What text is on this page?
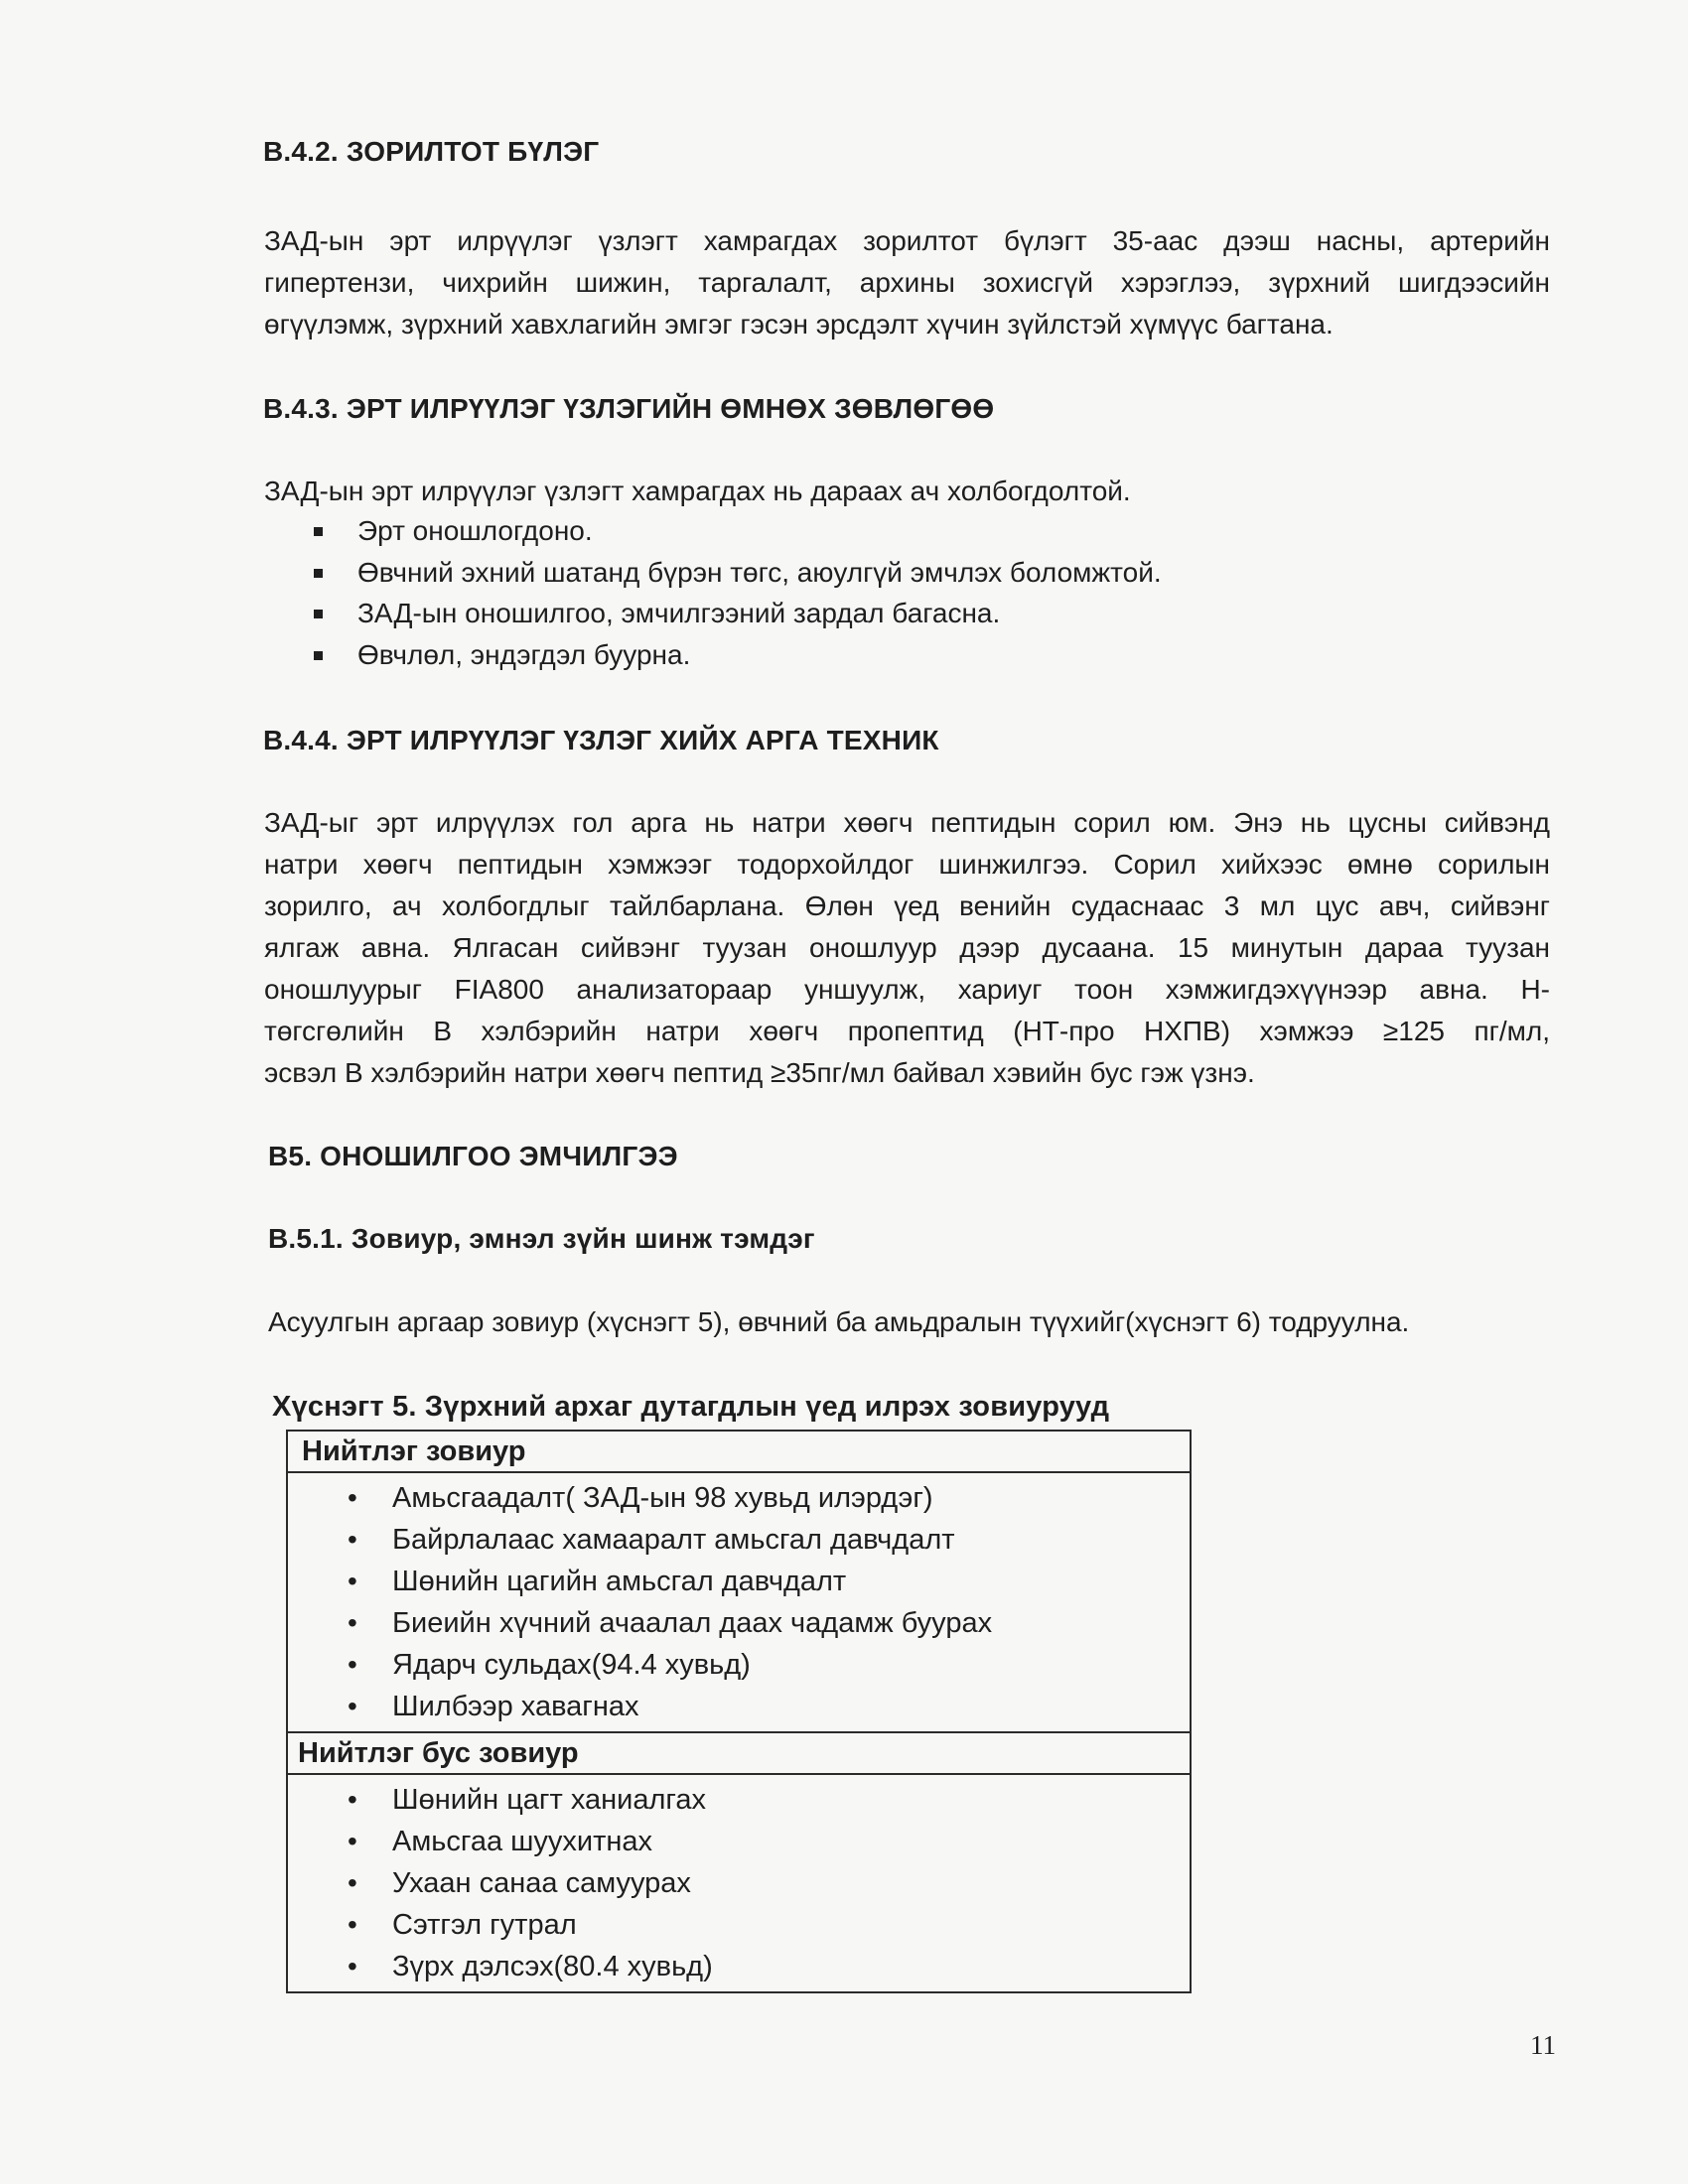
В.4.2. ЗОРИЛТОТ БҮЛЭГ
ЗАД-ын эрт илрүүлэг үзлэгт хамрагдах зорилтот бүлэгт 35-аас дээш насны, артерийн
гипертензи, чихрийн шижин, таргалалт, архины зохисгүй хэрэглээ, зүрхний шигдээсийн
өгүүлэмж, зүрхний хавхлагийн эмгэг гэсэн эрсдэлт хүчин зүйлстэй хүмүүс багтана.
В.4.3. ЭРТ ИЛРҮҮЛЭГ ҮЗЛЭГИЙН ӨМНӨХ ЗӨВЛӨГӨӨ
ЗАД-ын эрт илрүүлэг үзлэгт хамрагдах нь дараах ач холбогдолтой.
Эрт оношлогдоно.
Өвчний эхний шатанд бүрэн төгс, аюулгүй эмчлэх боломжтой.
ЗАД-ын оношилгоо, эмчилгээний зардал багасна.
Өвчлөл, эндэгдэл буурна.
В.4.4. ЭРТ ИЛРҮҮЛЭГ ҮЗЛЭГ ХИЙХ АРГА ТЕХНИК
ЗАД-ыг эрт илрүүлэх гол арга нь натри хөөгч пептидын сорил юм. Энэ нь цусны сийвэнд
натри хөөгч пептидын хэмжээг тодорхойлдог шинжилгээ. Сорил хийхээс өмнө сорилын
зорилго, ач холбогдлыг тайлбарлана. Өлөн үед венийн судаснаас 3 мл цус авч, сийвэнг
ялгаж авна. Ялгасан сийвэнг туузан оношлуур дээр дусаана. 15 минутын дараа туузан
оношлуурыг FIA800 анализатораар уншуулж, хариуг тоон хэмжигдэхүүнээр авна. Н-
төгсгөлийн В хэлбэрийн натри хөөгч пропептид (НТ-про НХПВ) хэмжээ ≥125 пг/мл,
эсвэл В хэлбэрийн натри хөөгч пептид ≥35пг/мл байвал хэвийн бус гэж үзнэ.
В5. ОНОШИЛГОО ЭМЧИЛГЭЭ
В.5.1. Зовиур, эмнэл зүйн шинж тэмдэг
Асуулгын аргаар зовиур (хүснэгт 5), өвчний ба амьдралын түүхийг(хүснэгт 6) тодруулна.
Хүснэгт 5. Зүрхний архаг дутагдлын үед илрэх зовиурууд
Нийтлэг зовиур

• Амьсгаадалт( ЗАД-ын 98 хувьд илэрдэг)
• Байрлалаас хамааралт амьсгал давчдалт
• Шөнийн цагийн амьсгал давчдалт
• Биеийн хүчний ачаалал даах чадамж буурах
• Ядарч сульдах(94.4 хувьд)
• Шилбээр хавагнах

Нийтлэг бус зовиур

• Шөнийн цагт ханиалгах
• Амьсгаа шуухитнах
• Ухаан санаа самуурах
• Сэтгэл гутрал
• Зүрх дэлсэх(80.4 хувьд)
11
